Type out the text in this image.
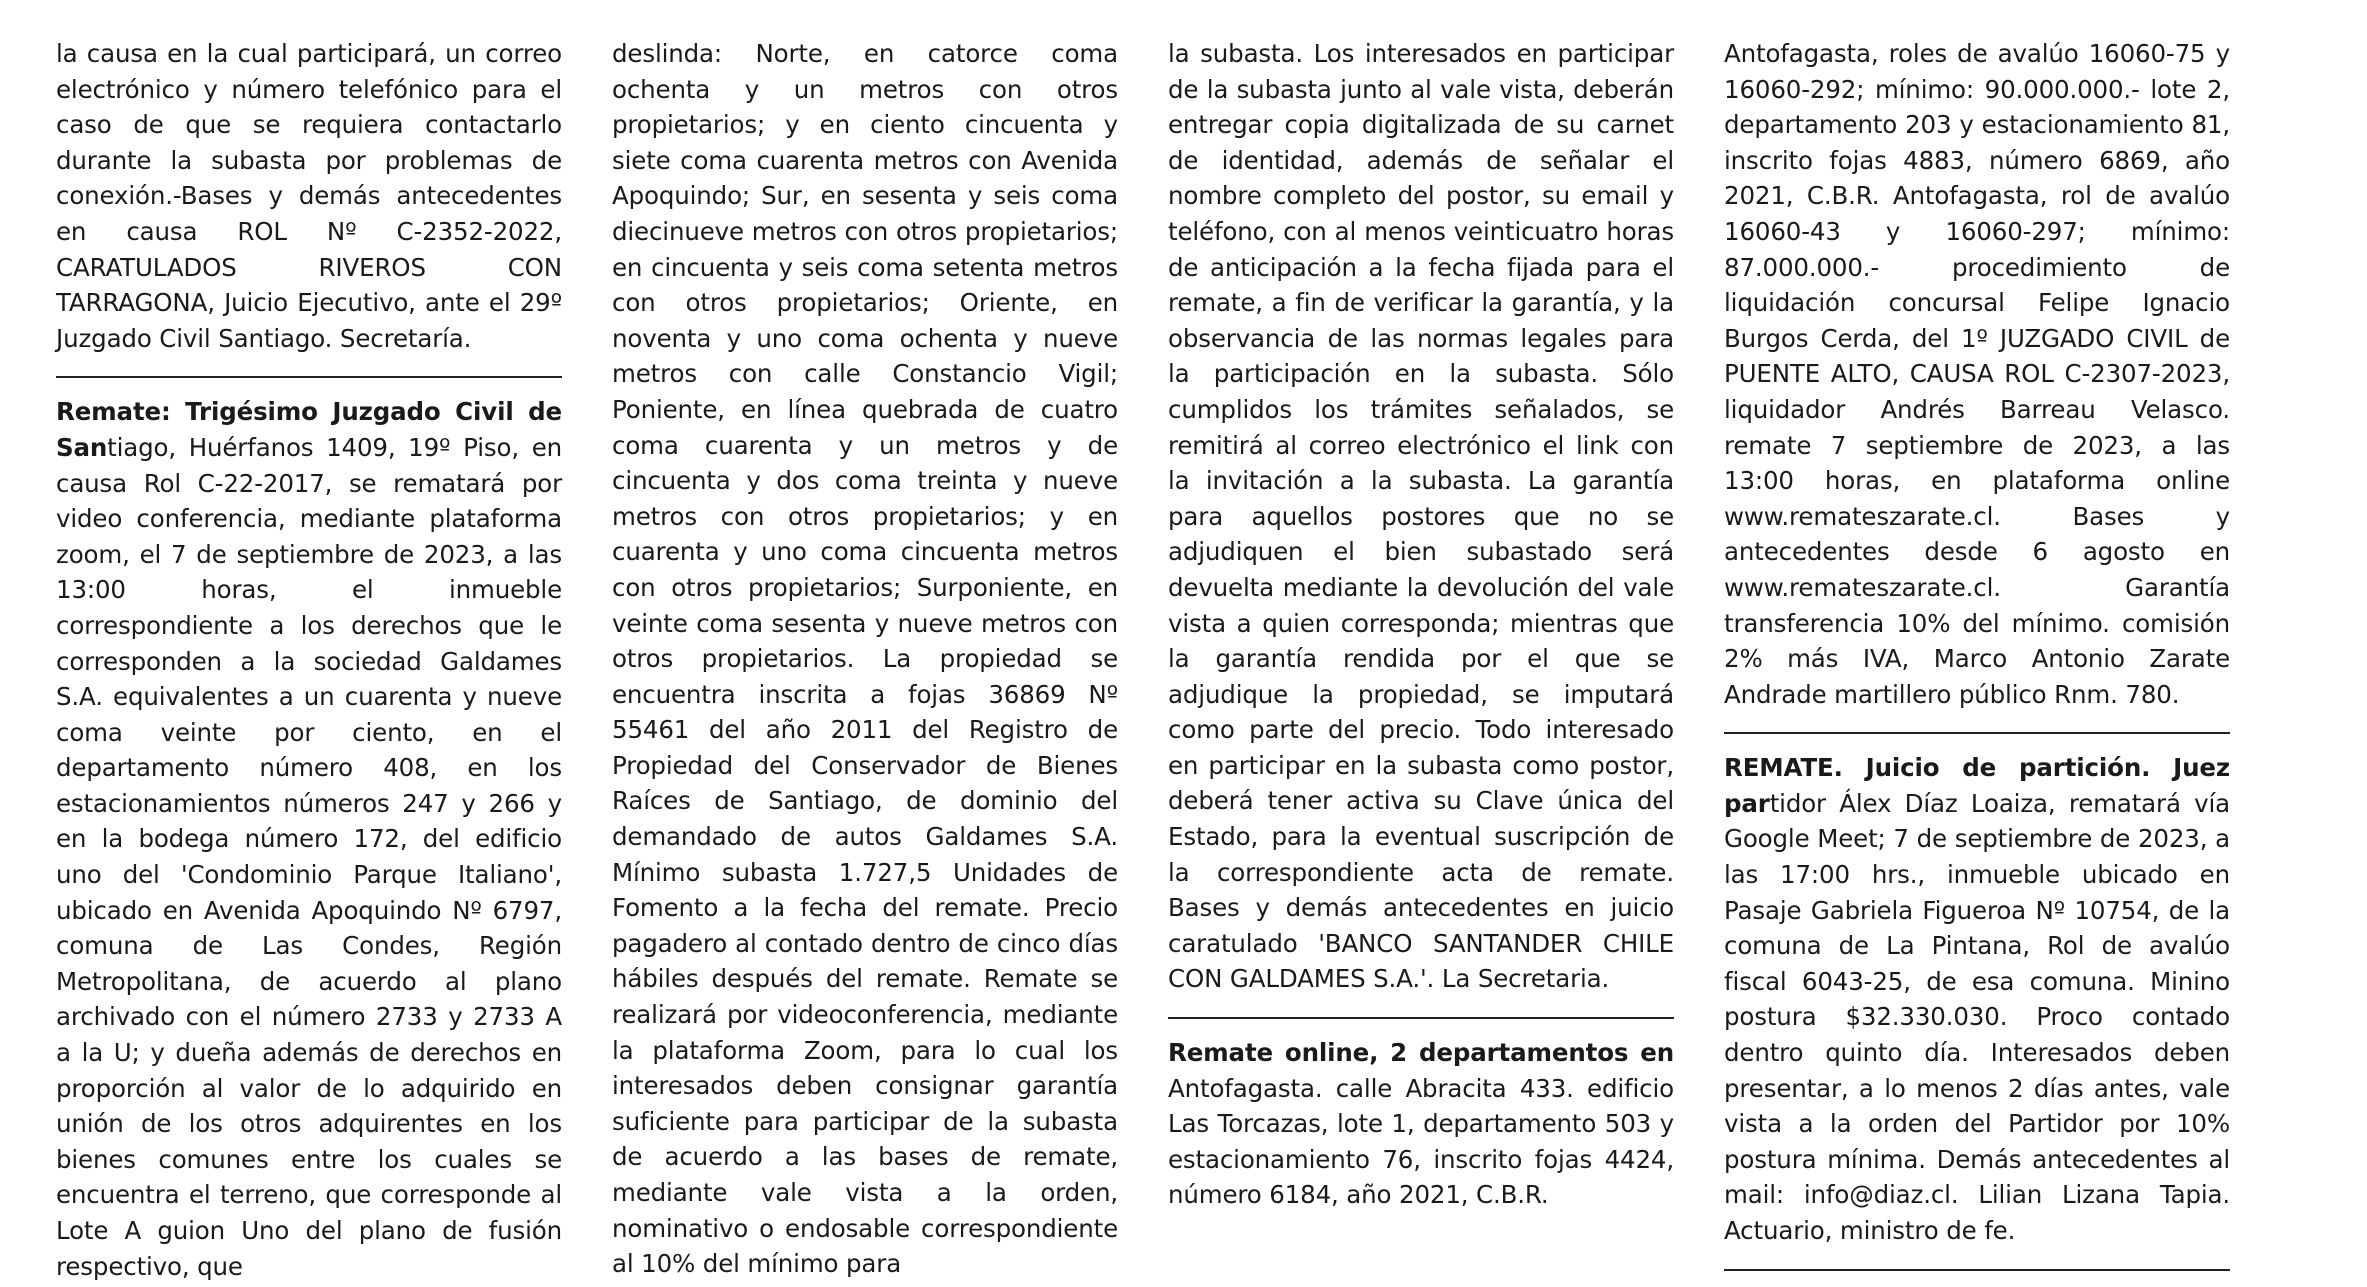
la causa en la cual participará, un correo electrónico y número telefónico para el caso de que se requiera contactarlo durante la subasta por problemas de conexión.-Bases y demás antecedentes en causa ROL Nº C-2352-2022, CARATULADOS RIVEROS CON TARRAGONA, Juicio Ejecutivo, ante el 29º Juzgado Civil Santiago. Secretaría.

Remate: Trigésimo Juzgado Civil de Santiago, Huérfanos 1409, 19º Piso, en causa Rol C-22-2017, se rematará por video conferencia, mediante plataforma zoom, el 7 de septiembre de 2023, a las 13:00 horas, el inmueble correspondiente a los derechos que le corresponden a la sociedad Galdames S.A. equivalentes a un cuarenta y nueve coma veinte por ciento, en el departamento número 408, en los estacionamientos números 247 y 266 y en la bodega número 172, del edificio uno del 'Condominio Parque Italiano', ubicado en Avenida Apoquindo Nº 6797, comuna de Las Condes, Región Metropolitana, de acuerdo al plano archivado con el número 2733 y 2733 A a la U; y dueña además de derechos en proporción al valor de lo adquirido en unión de los otros adquirentes en los bienes comunes entre los cuales se encuentra el terreno, que corresponde al Lote A guion Uno del plano de fusión respectivo, que

deslinda: Norte, en catorce coma ochenta y un metros con otros propietarios; y en ciento cincuenta y siete coma cuarenta metros con Avenida Apoquindo; Sur, en sesenta y seis coma diecinueve metros con otros propietarios; en cincuenta y seis coma setenta metros con otros propietarios; Oriente, en noventa y uno coma ochenta y nueve metros con calle Constancio Vigil; Poniente, en línea quebrada de cuatro coma cuarenta y un metros y de cincuenta y dos coma treinta y nueve metros con otros propietarios; y en cuarenta y uno coma cincuenta metros con otros propietarios; Surponiente, en veinte coma sesenta y nueve metros con otros propietarios. La propiedad se encuentra inscrita a fojas 36869 Nº 55461 del año 2011 del Registro de Propiedad del Conservador de Bienes Raíces de Santiago, de dominio del demandado de autos Galdames S.A. Mínimo subasta 1.727,5 Unidades de Fomento a la fecha del remate. Precio pagadero al contado dentro de cinco días hábiles después del remate. Remate se realizará por videoconferencia, mediante la plataforma Zoom, para lo cual los interesados deben consignar garantía suficiente para participar de la subasta de acuerdo a las bases de remate, mediante vale vista a la orden, nominativo o endosable correspondiente al 10% del mínimo para

la subasta. Los interesados en participar de la subasta junto al vale vista, deberán entregar copia digitalizada de su carnet de identidad, además de señalar el nombre completo del postor, su email y teléfono, con al menos veinticuatro horas de anticipación a la fecha fijada para el remate, a fin de verificar la garantía, y la observancia de las normas legales para la participación en la subasta. Sólo cumplidos los trámites señalados, se remitirá al correo electrónico el link con la invitación a la subasta. La garantía para aquellos postores que no se adjudiquen el bien subastado será devuelta mediante la devolución del vale vista a quien corresponda; mientras que la garantía rendida por el que se adjudique la propiedad, se imputará como parte del precio. Todo interesado en participar en la subasta como postor, deberá tener activa su Clave única del Estado, para la eventual suscripción de la correspondiente acta de remate. Bases y demás antecedentes en juicio caratulado 'BANCO SANTANDER CHILE CON GALDAMES S.A.'. La Secretaria.

Remate online, 2 departamentos en Antofagasta. calle Abracita 433. edificio Las Torcazas, lote 1, departamento 503 y estacionamiento 76, inscrito fojas 4424, número 6184, año 2021, C.B.R.

Antofagasta, roles de avalúo 16060-75 y 16060-292; mínimo: 90.000.000.- lote 2, departamento 203 y estacionamiento 81, inscrito fojas 4883, número 6869, año 2021, C.B.R. Antofagasta, rol de avalúo 16060-43 y 16060-297; mínimo: 87.000.000.- procedimiento de liquidación concursal Felipe Ignacio Burgos Cerda, del 1º JUZGADO CIVIL de PUENTE ALTO, CAUSA ROL C-2307-2023, liquidador Andrés Barreau Velasco. remate 7 septiembre de 2023, a las 13:00 horas, en plataforma online www.remateszarate.cl. Bases y antecedentes desde 6 agosto en www.remateszarate.cl. Garantía transferencia 10% del mínimo. comisión 2% más IVA, Marco Antonio Zarate Andrade martillero público Rnm. 780.

REMATE. Juicio de partición. Juez partidor Álex Díaz Loaiza, rematará vía Google Meet; 7 de septiembre de 2023, a las 17:00 hrs., inmueble ubicado en Pasaje Gabriela Figueroa Nº 10754, de la comuna de La Pintana, Rol de avalúo fiscal 6043-25, de esa comuna. Minino postura $32.330.030. Proco contado dentro quinto día. Interesados deben presentar, a lo menos 2 días antes, vale vista a la orden del Partidor por 10% postura mínima. Demás antecedentes al mail: info@diaz.cl. Lilian Lizana Tapia. Actuario, ministro de fe.
